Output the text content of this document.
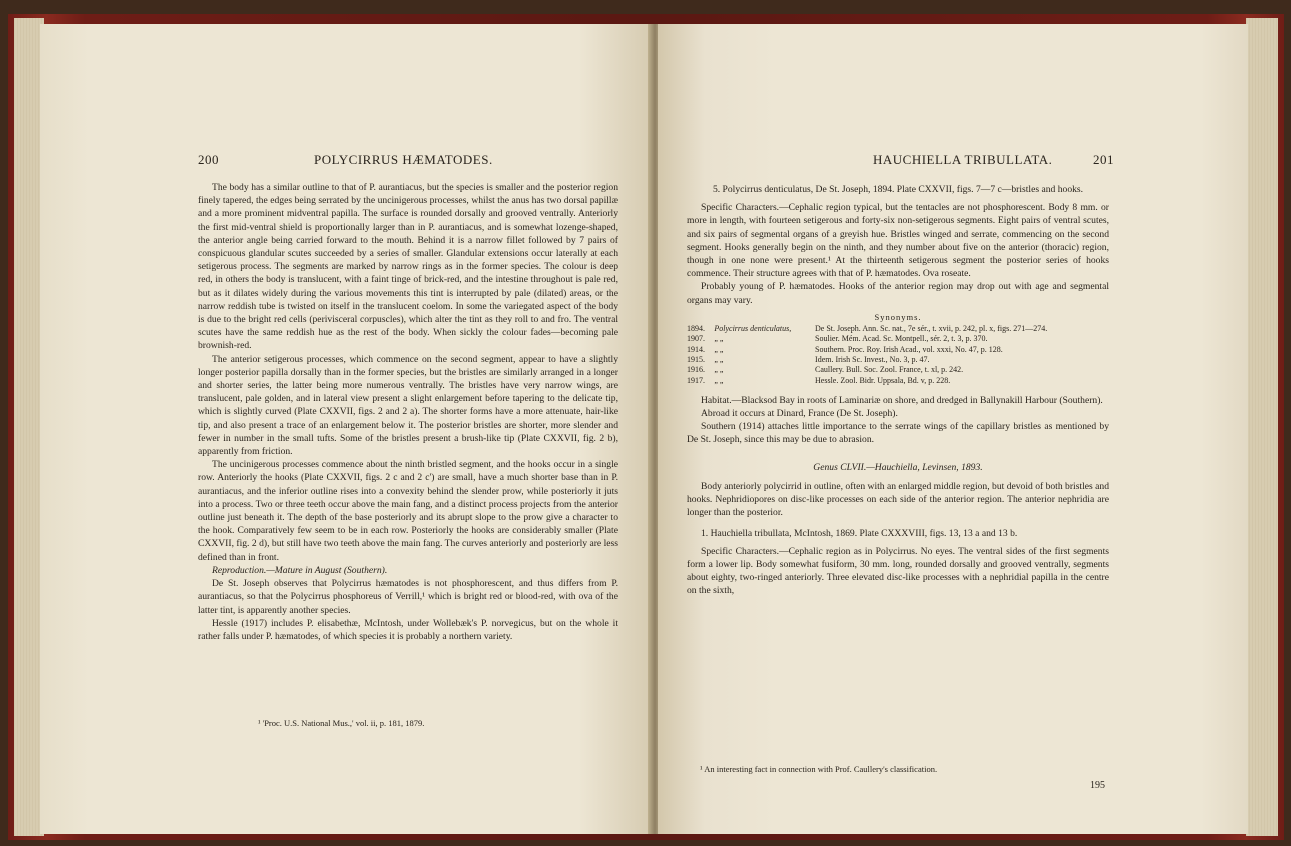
200	POLYCIRRUS HÆMATODES.

The body has a similar outline to that of P. aurantiacus, but the species is smaller and the posterior region finely tapered, the edges being serrated by the uncinigerous processes, whilst the anus has two dorsal papillæ and a more prominent midventral papilla. The surface is rounded dorsally and grooved ventrally. Anteriorly the first mid-ventral shield is proportionally larger than in P. aurantiacus, and is somewhat lozenge-shaped, the anterior angle being carried forward to the mouth. Behind it is a narrow fillet followed by 7 pairs of conspicuous glandular scutes succeeded by a series of smaller. Glandular extensions occur laterally at each setigerous process. The segments are marked by narrow rings as in the former species. The colour is deep red, in others the body is translucent, with a faint tinge of brick-red, and the intestine throughout is pale red, but as it dilates widely during the various movements this tint is interrupted by pale (dilated) areas, or the narrow reddish tube is twisted on itself in the translucent coelom. In some the variegated aspect of the body is due to the bright red cells (perivisceral corpuscles), which alter the tint as they roll to and fro. The ventral scutes have the same reddish hue as the rest of the body. When sickly the colour fades—becoming pale brownish-red.

The anterior setigerous processes, which commence on the second segment, appear to have a slightly longer posterior papilla dorsally than in the former species, but the bristles are similarly arranged in a longer and shorter series, the latter being more numerous ventrally. The bristles have very narrow wings, are translucent, pale golden, and in lateral view present a slight enlargement before tapering to the delicate tip, which is slightly curved (Plate CXXVII, figs. 2 and 2 a). The shorter forms have a more attenuate, hair-like tip, and also present a trace of an enlargement below it. The posterior bristles are shorter, more slender and fewer in number in the small tufts. Some of the bristles present a brush-like tip (Plate CXXVII, fig. 2 b), apparently from friction.

The uncinigerous processes commence about the ninth bristled segment, and the hooks occur in a single row. Anteriorly the hooks (Plate CXXVII, figs. 2 c and 2 c') are small, have a much shorter base than in P. aurantiacus, and the inferior outline rises into a convexity behind the slender prow, while posteriorly it juts into a process. Two or three teeth occur above the main fang, and a distinct process projects from the anterior outline just beneath it. The depth of the base posteriorly and its abrupt slope to the prow give a character to the hook. Comparatively few seem to be in each row. Posteriorly the hooks are considerably smaller (Plate CXXVII, fig. 2 d), but still have two teeth above the main fang. The curves anteriorly and posteriorly are less defined than in front.

Reproduction.—Mature in August (Southern).

De St. Joseph observes that Polycirrus hæmatodes is not phosphorescent, and thus differs from P. aurantiacus, so that the Polycirrus phosphoreus of Verrill,¹ which is bright red or blood-red, with ova of the latter tint, is apparently another species.

Hessle (1917) includes P. elisabethæ, McIntosh, under Wollebæk's P. norvegicus, but on the whole it rather falls under P. hæmatodes, of which species it is probably a northern variety.

¹ 'Proc. U.S. National Mus.,' vol. ii, p. 181, 1879.

HAUCHIELLA TRIBULLATA.	201

5. Polycirrus denticulatus, De St. Joseph, 1894. Plate CXXVII, figs. 7—7 c—bristles and hooks.

Specific Characters.—Cephalic region typical, but the tentacles are not phosphorescent. Body 8 mm. or more in length, with fourteen setigerous and forty-six non-setigerous segments. Eight pairs of ventral scutes, and six pairs of segmental organs of a greyish hue. Bristles winged and serrate, commencing on the second segment. Hooks generally begin on the ninth, and they number about five on the anterior (thoracic) region, though in one none were present.¹ At the thirteenth setigerous segment the posterior series of hooks commence. Their structure agrees with that of P. hæmatodes. Ova roseate.

Probably young of P. hæmatodes. Hooks of the anterior region may drop out with age and segmental organs may vary.

Synonyms.

1894.	Polycirrus denticulatus,	De St. Joseph. Ann. Sc. nat., 7e sér., t. xvii, p. 242, pl. x, figs. 271—274.
1907.	„ „	Soulier. Mém. Acad. Sc. Montpell., sér. 2, t. 3, p. 370.
1914.	„ „	Southern. Proc. Roy. Irish Acad., vol. xxxi, No. 47, p. 128.
1915.	„ „	Idem. Irish Sc. Invest., No. 3, p. 47.
1916.	„ „	Caullery. Bull. Soc. Zool. France, t. xl, p. 242.
1917.	„ „	Hessle. Zool. Bidr. Uppsala, Bd. v, p. 228.

Habitat.—Blacksod Bay in roots of Laminariæ on shore, and dredged in Ballynakill Harbour (Southern).

Abroad it occurs at Dinard, France (De St. Joseph).

Southern (1914) attaches little importance to the serrate wings of the capillary bristles as mentioned by De St. Joseph, since this may be due to abrasion.

Genus CLVII.—Hauchiella, Levinsen, 1893.

Body anteriorly polycirrid in outline, often with an enlarged middle region, but devoid of both bristles and hooks. Nephridiopores on disc-like processes on each side of the anterior region. The anterior nephridia are longer than the posterior.

1. Hauchiella tribullata, McIntosh, 1869. Plate CXXXVIII, figs. 13, 13 a and 13 b.

Specific Characters.—Cephalic region as in Polycirrus. No eyes. The ventral sides of the first segments form a lower lip. Body somewhat fusiform, 30 mm. long, rounded dorsally and grooved ventrally, segments about eighty, two-ringed anteriorly. Three elevated disc-like processes with a nephridial papilla in the centre on the sixth,

¹ An interesting fact in connection with Prof. Caullery's classification.

195
